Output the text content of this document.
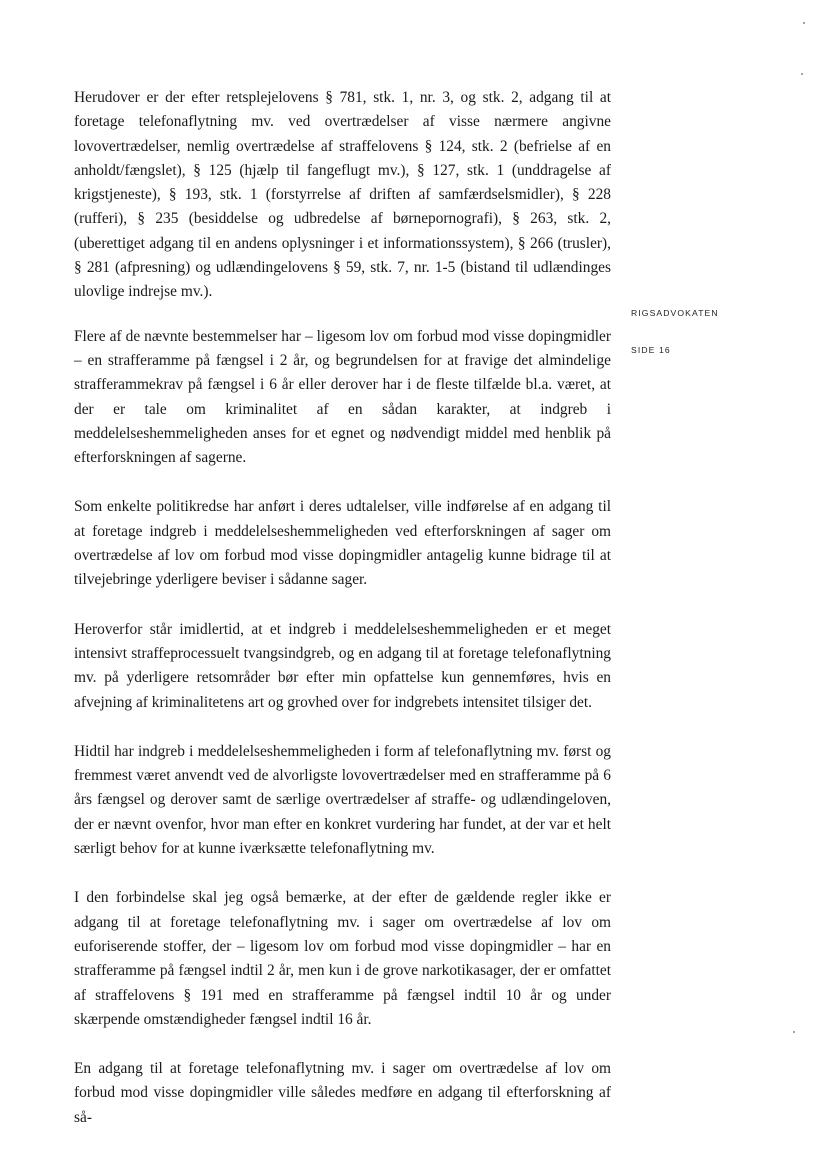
Herudover er der efter retsplejelovens § 781, stk. 1, nr. 3, og stk. 2, adgang til at foretage telefonaflytning mv. ved overtrædelser af visse nærmere angivne lovovertrædelser, nemlig overtrædelse af straffelovens § 124, stk. 2 (befrielse af en anholdt/fængslet), § 125 (hjælp til fangeflugt mv.), § 127, stk. 1 (unddragelse af krigstjeneste), § 193, stk. 1 (forstyrrelse af driften af samfærdselsmidler), § 228 (rufferi), § 235 (besiddelse og udbredelse af børnepornografi), § 263, stk. 2, (uberettiget adgang til en andens oplysninger i et informationssystem), § 266 (trusler), § 281 (afpresning) og udlændingelovens § 59, stk. 7, nr. 1-5 (bistand til udlændinges ulovlige indrejse mv.).

Flere af de nævnte bestemmelser har – ligesom lov om forbud mod visse dopingmidler – en strafferamme på fængsel i 2 år, og begrundelsen for at fravige det almindelige strafferammekrav på fængsel i 6 år eller derover har i de fleste tilfælde bl.a. været, at der er tale om kriminalitet af en sådan karakter, at indgreb i meddelelseshemmeligheden anses for et egnet og nødvendigt middel med henblik på efterforskningen af sagerne.

Som enkelte politikredse har anført i deres udtalelser, ville indførelse af en adgang til at foretage indgreb i meddelelseshemmeligheden ved efterforskningen af sager om overtrædelse af lov om forbud mod visse dopingmidler antagelig kunne bidrage til at tilvejebringe yderligere beviser i sådanne sager.

Heroverfor står imidlertid, at et indgreb i meddelelseshemmeligheden er et meget intensivt straffeprocessuelt tvangsindgreb, og en adgang til at foretage telefonaflytning mv. på yderligere retsområder bør efter min opfattelse kun gennemføres, hvis en afvejning af kriminalitetens art og grovhed over for indgrebets intensitet tilsiger det.

Hidtil har indgreb i meddelelseshemmeligheden i form af telefonaflytning mv. først og fremmest været anvendt ved de alvorligste lovovertrædelser med en strafferamme på 6 års fængsel og derover samt de særlige overtrædelser af straffe- og udlændingeloven, der er nævnt ovenfor, hvor man efter en konkret vurdering har fundet, at der var et helt særligt behov for at kunne iværksætte telefonaflytning mv.

I den forbindelse skal jeg også bemærke, at der efter de gældende regler ikke er adgang til at foretage telefonaflytning mv. i sager om overtrædelse af lov om euforiserende stoffer, der – ligesom lov om forbud mod visse dopingmidler – har en strafferamme på fængsel indtil 2 år, men kun i de grove narkotikasager, der er omfattet af straffelovens § 191 med en strafferamme på fængsel indtil 10 år og under skærpende omstændigheder fængsel indtil 16 år.

En adgang til at foretage telefonaflytning mv. i sager om overtrædelse af lov om forbud mod visse dopingmidler ville således medføre en adgang til efterforskning af så-

RIGSADVOKATEN
SIDE 16
